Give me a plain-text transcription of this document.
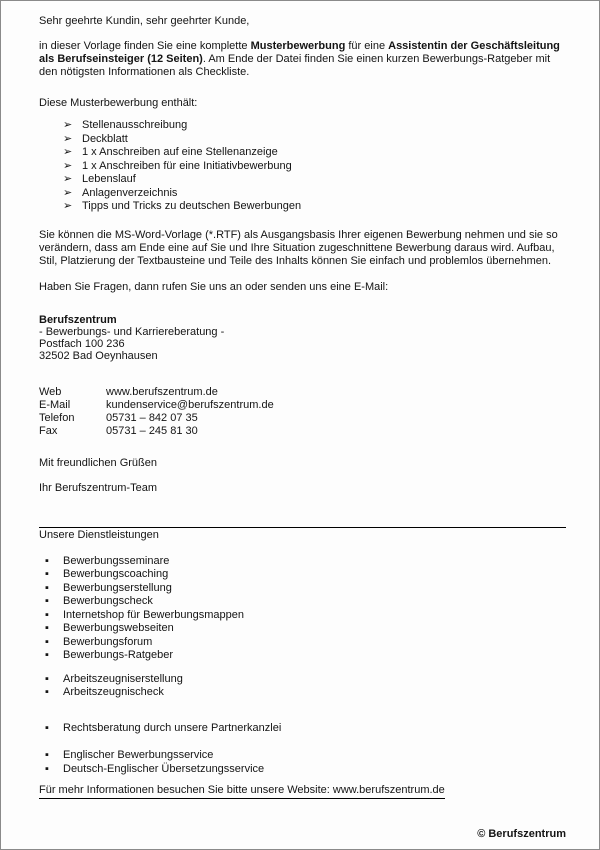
Sehr geehrte Kundin, sehr geehrter Kunde,

in dieser Vorlage finden Sie eine komplette Musterbewerbung für eine Assistentin der Geschäftsleitung als Berufseinsteiger (12 Seiten). Am Ende der Datei finden Sie einen kurzen Bewerbungs-Ratgeber mit den nötigsten Informationen als Checkliste.

Diese Musterbewerbung enthält:

➢ Stellenausschreibung
➢ Deckblatt
➢ 1 x Anschreiben auf eine Stellenanzeige
➢ 1 x Anschreiben für eine Initiativbewerbung
➢ Lebenslauf
➢ Anlagenverzeichnis
➢ Tipps und Tricks zu deutschen Bewerbungen

Sie können die MS-Word-Vorlage (*.RTF) als Ausgangsbasis Ihrer eigenen Bewerbung nehmen und sie so verändern, dass am Ende eine auf Sie und Ihre Situation zugeschnittene Bewerbung daraus wird. Aufbau, Stil, Platzierung der Textbausteine und Teile des Inhalts können Sie einfach und problemlos übernehmen.

Haben Sie Fragen, dann rufen Sie uns an oder senden uns eine E-Mail:

Berufszentrum

- Bewerbungs- und Karriereberatung -

Postfach 100 236

32502 Bad Oeynhausen

Web	www.berufszentrum.de
E-Mail	kundenservice@berufszentrum.de
Telefon	05731 – 842 07 35
Fax	05731 – 245 81 30

Mit freundlichen Grüßen

Ihr Berufszentrum-Team

Unsere Dienstleistungen

▪	Bewerbungsseminare
▪	Bewerbungscoaching
▪	Bewerbungserstellung
▪	Bewerbungscheck
▪	Internetshop für Bewerbungsmappen
▪	Bewerbungswebseiten
▪	Bewerbungsforum
▪	Bewerbungs-Ratgeber
▪	Arbeitszeugniserstellung
▪	Arbeitszeugnischeck
▪	Rechtsberatung durch unsere Partnerkanzlei
▪	Englischer Bewerbungsservice
▪	Deutsch-Englischer Übersetzungsservice

Für mehr Informationen besuchen Sie bitte unsere Website: www.berufszentrum.de

© Berufszentrum
